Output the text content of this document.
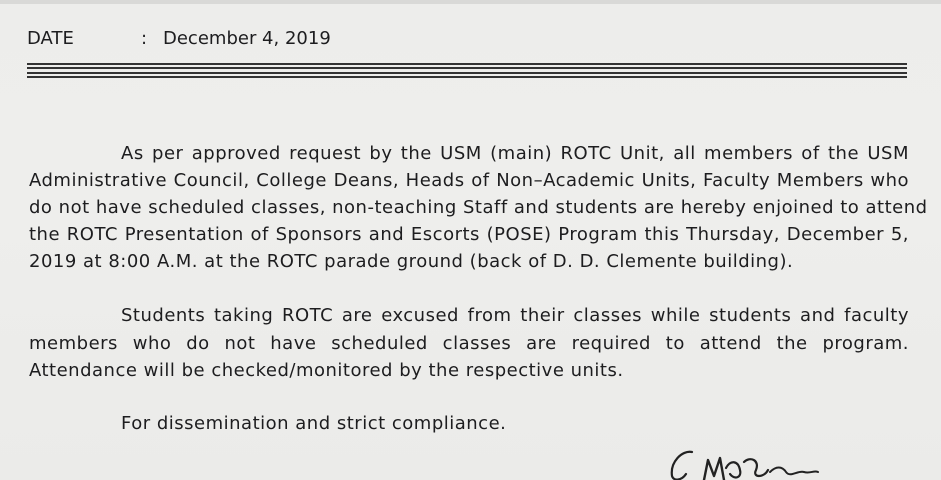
DATE	: December 4, 2019
As per approved request by the USM (main) ROTC Unit, all members of the USM
Administrative Council, College Deans, Heads of Non–Academic Units, Faculty Members who
do not have scheduled classes, non-teaching Staff and students are hereby enjoined to attend
the ROTC Presentation of Sponsors and Escorts (POSE) Program this Thursday, December 5,
2019 at 8:00 A.M. at the ROTC parade ground (back of D. D. Clemente building).
Students taking ROTC are excused from their classes while students and faculty
members who do not have scheduled classes are required to attend the program.
Attendance will be checked/monitored by the respective units.
For dissemination and strict compliance.
